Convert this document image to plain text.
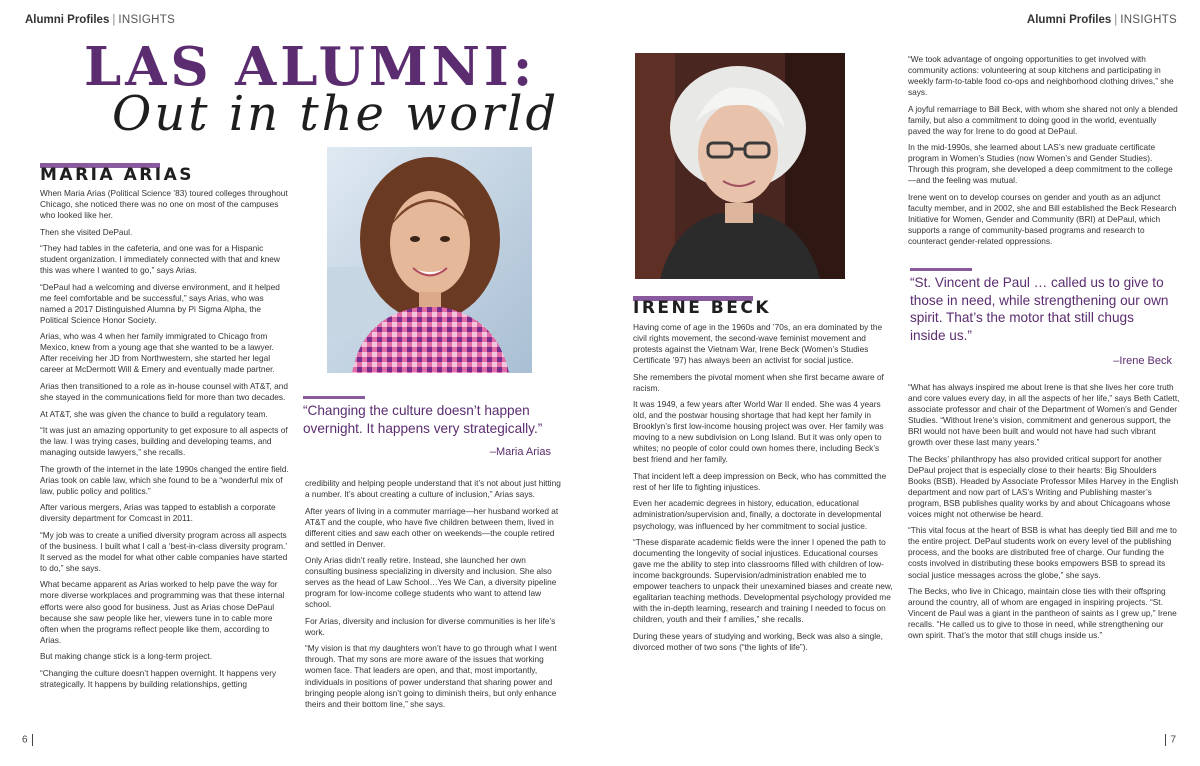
Alumni Profiles | INSIGHTS
LAS ALUMNI:
Out in the world
MARIA ARIAS

When Maria Arias (Political Science ’83) toured colleges throughout Chicago, she noticed there was no one on most of the campuses who looked like her.

Then she visited DePaul.

“They had tables in the cafeteria, and one was for a Hispanic student organization. I immediately connected with that and knew this was where I wanted to go,” says Arias.

“DePaul had a welcoming and diverse environment, and it helped me feel comfortable and be successful,” says Arias, who was named a 2017 Distinguished Alumna by Pi Sigma Alpha, the Political Science Honor Society.

Arias, who was 4 when her family immigrated to Chicago from Mexico, knew from a young age that she wanted to be a lawyer. After receiving her JD from Northwestern, she started her legal career at McDermott Will & Emery and eventually made partner.

Arias then transitioned to a role as in-house counsel with AT&T, and she stayed in the communications field for more than two decades.

At AT&T, she was given the chance to build a regulatory team.

“It was just an amazing opportunity to get exposure to all aspects of the law. I was trying cases, building and developing teams, and managing outside lawyers,” she recalls.

The growth of the internet in the late 1990s changed the entire field. Arias took on cable law, which she found to be a “wonderful mix of law, public policy and politics.”

After various mergers, Arias was tapped to establish a corporate diversity department for Comcast in 2011.

“My job was to create a unified diversity program across all aspects of the business. I built what I call a ‘best-in-class diversity program.’ It served as the model for what other cable companies have started to do,” she says.

What became apparent as Arias worked to help pave the way for more diverse workplaces and programming was that these internal efforts were also good for business. Just as Arias chose DePaul because she saw people like her, viewers tune in to cable more often when the programs reflect people like them, according to Arias.

But making change stick is a long-term project.

“Changing the culture doesn’t happen overnight. It happens very strategically. It happens by building relationships, getting

“Changing the culture doesn’t happen overnight. It happens very strategically.”
–Maria Arias

credibility and helping people understand that it’s not about just hitting a number. It’s about creating a culture of inclusion,” Arias says.

After years of living in a commuter marriage—her husband worked at AT&T and the couple, who have five children between them, lived in different cities and saw each other on weekends—the couple retired and settled in Denver.

Only Arias didn’t really retire. Instead, she launched her own consulting business specializing in diversity and inclusion. She also serves as the head of Law School…Yes We Can, a diversity pipeline program for low-income college students who want to attend law school.

For Arias, diversity and inclusion for diverse communities is her life’s work.

“My vision is that my daughters won’t have to go through what I went through. That my sons are more aware of the issues that working women face. That leaders are open, and that, most importantly, individuals in positions of power understand that sharing power and bringing people along isn’t going to diminish theirs, but only enhance theirs and their bottom line,” she says.

6
Alumni Profiles | INSIGHTS
IRENE BECK

Having come of age in the 1960s and ’70s, an era dominated by the civil rights movement, the second-wave feminist movement and protests against the Vietnam War, Irene Beck (Women’s Studies Certificate ’97) has always been an activist for social justice.

She remembers the pivotal moment when she first became aware of racism.

It was 1949, a few years after World War II ended. She was 4 years old, and the postwar housing shortage that had kept her family in Brooklyn’s first low-income housing project was over. Her family was moving to a new subdivision on Long Island. But it was only open to whites; no people of color could own homes there, including Beck’s best friend and her family.

That incident left a deep impression on Beck, who has committed the rest of her life to fighting injustices.

Even her academic degrees in history, education, educational administration/supervision and, finally, a doctorate in developmental psychology, was influenced by her commitment to social justice.

“These disparate academic fields were the inner I opened the path to documenting the longevity of social injustices. Educational courses gave me the ability to step into classrooms filled with children of low-income backgrounds. Supervision/administration enabled me to empower teachers to unpack their unexamined biases and create new, egalitarian teaching methods. Developmental psychology provided me with the in-depth learning, research and training I needed to focus on children, youth and their f amilies,” she recalls.

During these years of studying and working, Beck was also a single, divorced mother of two sons (“the lights of life”).

“We took advantage of ongoing opportunities to get involved with community actions: volunteering at soup kitchens and participating in weekly farm-to-table food co-ops and neighborhood clothing drives,” she says.

A joyful remarriage to Bill Beck, with whom she shared not only a blended family, but also a commitment to doing good in the world, eventually paved the way for Irene to do good at DePaul.

In the mid-1990s, she learned about LAS’s new graduate certificate program in Women’s Studies (now Women’s and Gender Studies). Through this program, she developed a deep commitment to the college—and the feeling was mutual.

Irene went on to develop courses on gender and youth as an adjunct faculty member, and in 2002, she and Bill established the Beck Research Initiative for Women, Gender and Community (BRI) at DePaul, which supports a range of community-based programs and research to counteract gender-related oppressions.

“St. Vincent de Paul … called us to give to those in need, while strengthening our own spirit. That’s the motor that still chugs inside us.”
–Irene Beck

“What has always inspired me about Irene is that she lives her core truth and core values every day, in all the aspects of her life,” says Beth Catlett, associate professor and chair of the Department of Women’s and Gender Studies. “Without Irene’s vision, commitment and generous support, the BRI would not have been built and would not have had such vibrant growth over these last many years.”

The Becks’ philanthropy has also provided critical support for another DePaul project that is especially close to their hearts: Big Shoulders Books (BSB). Headed by Associate Professor Miles Harvey in the English department and now part of LAS’s Writing and Publishing master’s program, BSB publishes quality works by and about Chicagoans whose voices might not otherwise be heard.

“This vital focus at the heart of BSB is what has deeply tied Bill and me to the entire project. DePaul students work on every level of the publishing process, and the books are distributed free of charge. Our funding the costs involved in distributing these books empowers BSB to spread its social justice messages across the globe,” she says.

The Becks, who live in Chicago, maintain close ties with their offspring around the country, all of whom are engaged in inspiring projects. “St. Vincent de Paul was a giant in the pantheon of saints as I grew up,” Irene recalls. “He called us to give to those in need, while strengthening our own spirit. That’s the motor that still chugs inside us.”

7
